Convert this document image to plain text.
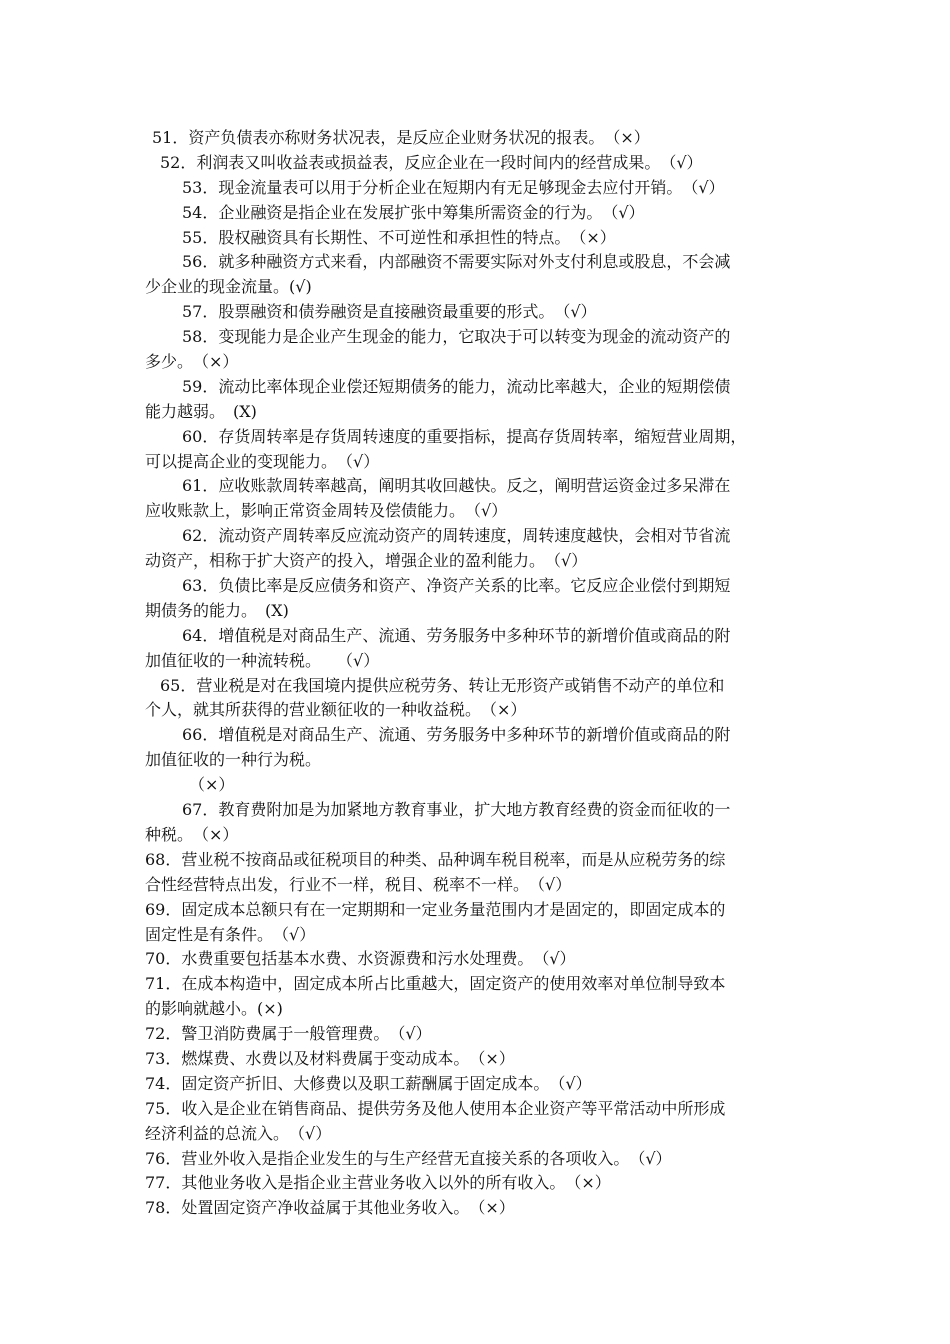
51．资产负债表亦称财务状况表，是反应企业财务状况的报表。　（×）
52．利润表又叫收益表或损益表，反应企业在一段时间内的经营成果。　（√）
53．现金流量表可以用于分析企业在短期内有无足够现金去应付开销。　（√）
54．企业融资是指企业在发展扩张中筹集所需资金的行为。　（√）
55．股权融资具有长期性、不可逆性和承担性的特点。　（×）
56．就多种融资方式来看，内部融资不需要实际对外支付利息或股息，不会减
少企业的现金流量。(√)
57．股票融资和债券融资是直接融资最重要的形式。　（√）
58．变现能力是企业产生现金的能力，它取决于可以转变为现金的流动资产的
多少。　（×）
59．流动比率体现企业偿还短期债务的能力，流动比率越大，企业的短期偿债
能力越弱。　(X)
60．存货周转率是存货周转速度的重要指标，提高存货周转率，缩短营业周期，
可以提高企业的变现能力。　（√）
61．应收账款周转率越高，阐明其收回越快。反之，阐明营运资金过多呆滞在
应收账款上，影响正常资金周转及偿债能力。　（√）
62．流动资产周转率反应流动资产的周转速度，周转速度越快，会相对节省流
动资产，相称于扩大资产的投入，增强企业的盈利能力。　（√）
63．负债比率是反应债务和资产、净资产关系的比率。它反应企业偿付到期短
期债务的能力。　(X)
64．增值税是对商品生产、流通、劳务服务中多种环节的新增价值或商品的附
加值征收的一种流转税。　　（√）
65．营业税是对在我国境内提供应税劳务、转让无形资产或销售不动产的单位和
个人，就其所获得的营业额征收的一种收益税。　（×）
66．增值税是对商品生产、流通、劳务服务中多种环节的新增价值或商品的附
加值征收的一种行为税。
（×）
67．教育费附加是为加紧地方教育事业，扩大地方教育经费的资金而征收的一
种税。　（×）
68．营业税不按商品或征税项目的种类、品种调车税目税率，而是从应税劳务的综
合性经营特点出发，行业不一样，税目、税率不一样。　（√）
69．固定成本总额只有在一定期期和一定业务量范围内才是固定的，即固定成本的
固定性是有条件。　（√）
70．水费重要包括基本水费、水资源费和污水处理费。　（√）
71．在成本构造中，固定成本所占比重越大，固定资产的使用效率对单位制导致本
的影响就越小。(×)
72．警卫消防费属于一般管理费。　（√）
73．燃煤费、水费以及材料费属于变动成本。　（×）
74．固定资产折旧、大修费以及职工薪酬属于固定成本。　（√）
75．收入是企业在销售商品、提供劳务及他人使用本企业资产等平常活动中所形成
经济利益的总流入。　（√）
76．营业外收入是指企业发生的与生产经营无直接关系的各项收入。　（√）
77．其他业务收入是指企业主营业务收入以外的所有收入。　（×）
78．处置固定资产净收益属于其他业务收入。　（×）
